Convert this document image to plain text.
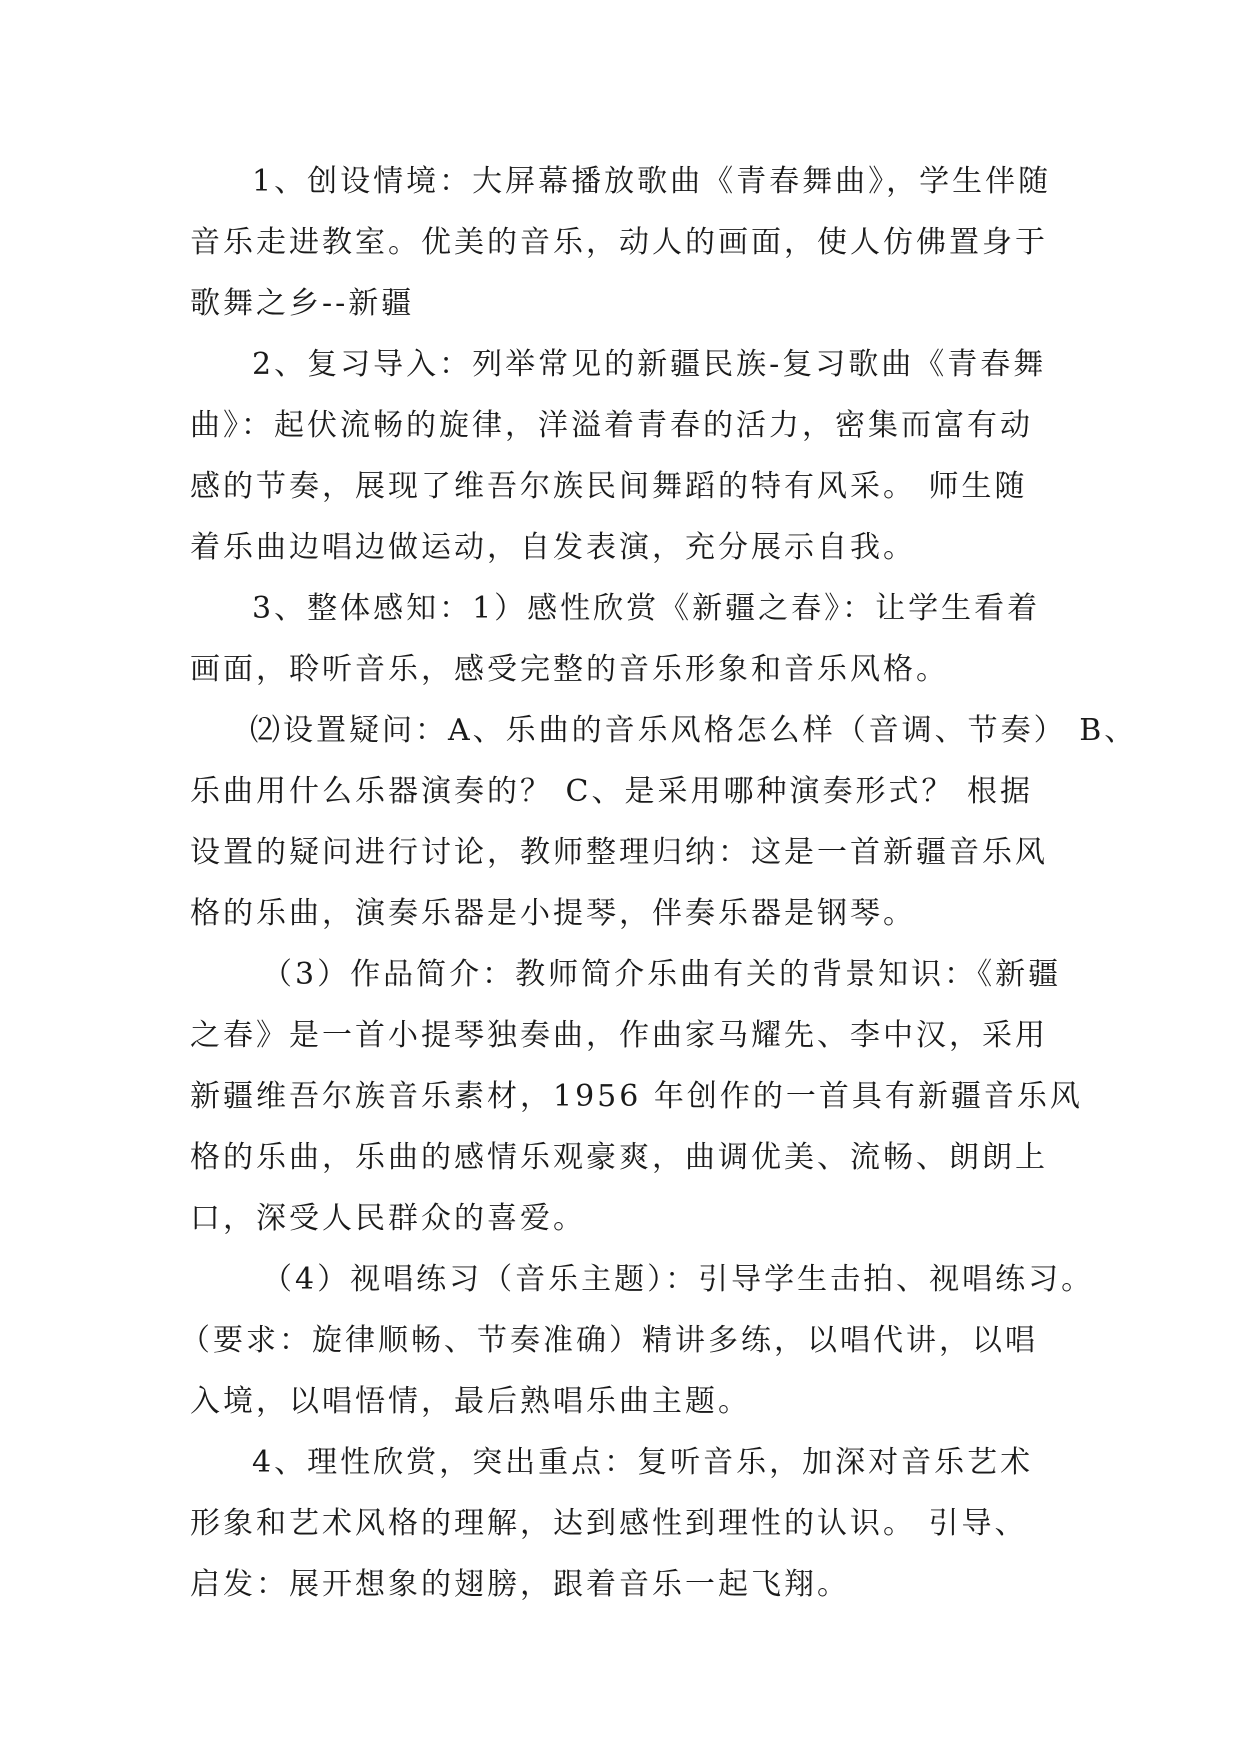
1、创设情境：大屏幕播放歌曲《青春舞曲》，学生伴随
音乐走进教室。优美的音乐，动人的画面，使人仿佛置身于
歌舞之乡--新疆
2、复习导入：列举常见的新疆民族-复习歌曲《青春舞
曲》：起伏流畅的旋律，洋溢着青春的活力，密集而富有动
感的节奏，展现了维吾尔族民间舞蹈的特有风采。 师生随
着乐曲边唱边做运动，自发表演，充分展示自我。
3、整体感知：1）感性欣赏《新疆之春》：让学生看着
画面，聆听音乐，感受完整的音乐形象和音乐风格。
⑵设置疑问：A、乐曲的音乐风格怎么样（音调、节奏） B、
乐曲用什么乐器演奏的？ C、是采用哪种演奏形式？ 根据
设置的疑问进行讨论，教师整理归纳：这是一首新疆音乐风
格的乐曲，演奏乐器是小提琴，伴奏乐器是钢琴。
（3）作品简介：教师简介乐曲有关的背景知识：《新疆
之春》是一首小提琴独奏曲，作曲家马耀先、李中汉，采用
新疆维吾尔族音乐素材，1956 年创作的一首具有新疆音乐风
格的乐曲，乐曲的感情乐观豪爽，曲调优美、流畅、朗朗上
口，深受人民群众的喜爱。
（4）视唱练习（音乐主题）：引导学生击拍、视唱练习。
（要求：旋律顺畅、节奏准确）精讲多练，以唱代讲，以唱
入境，以唱悟情，最后熟唱乐曲主题。
4、理性欣赏，突出重点：复听音乐，加深对音乐艺术
形象和艺术风格的理解，达到感性到理性的认识。 引导、
启发：展开想象的翅膀，跟着音乐一起飞翔。
